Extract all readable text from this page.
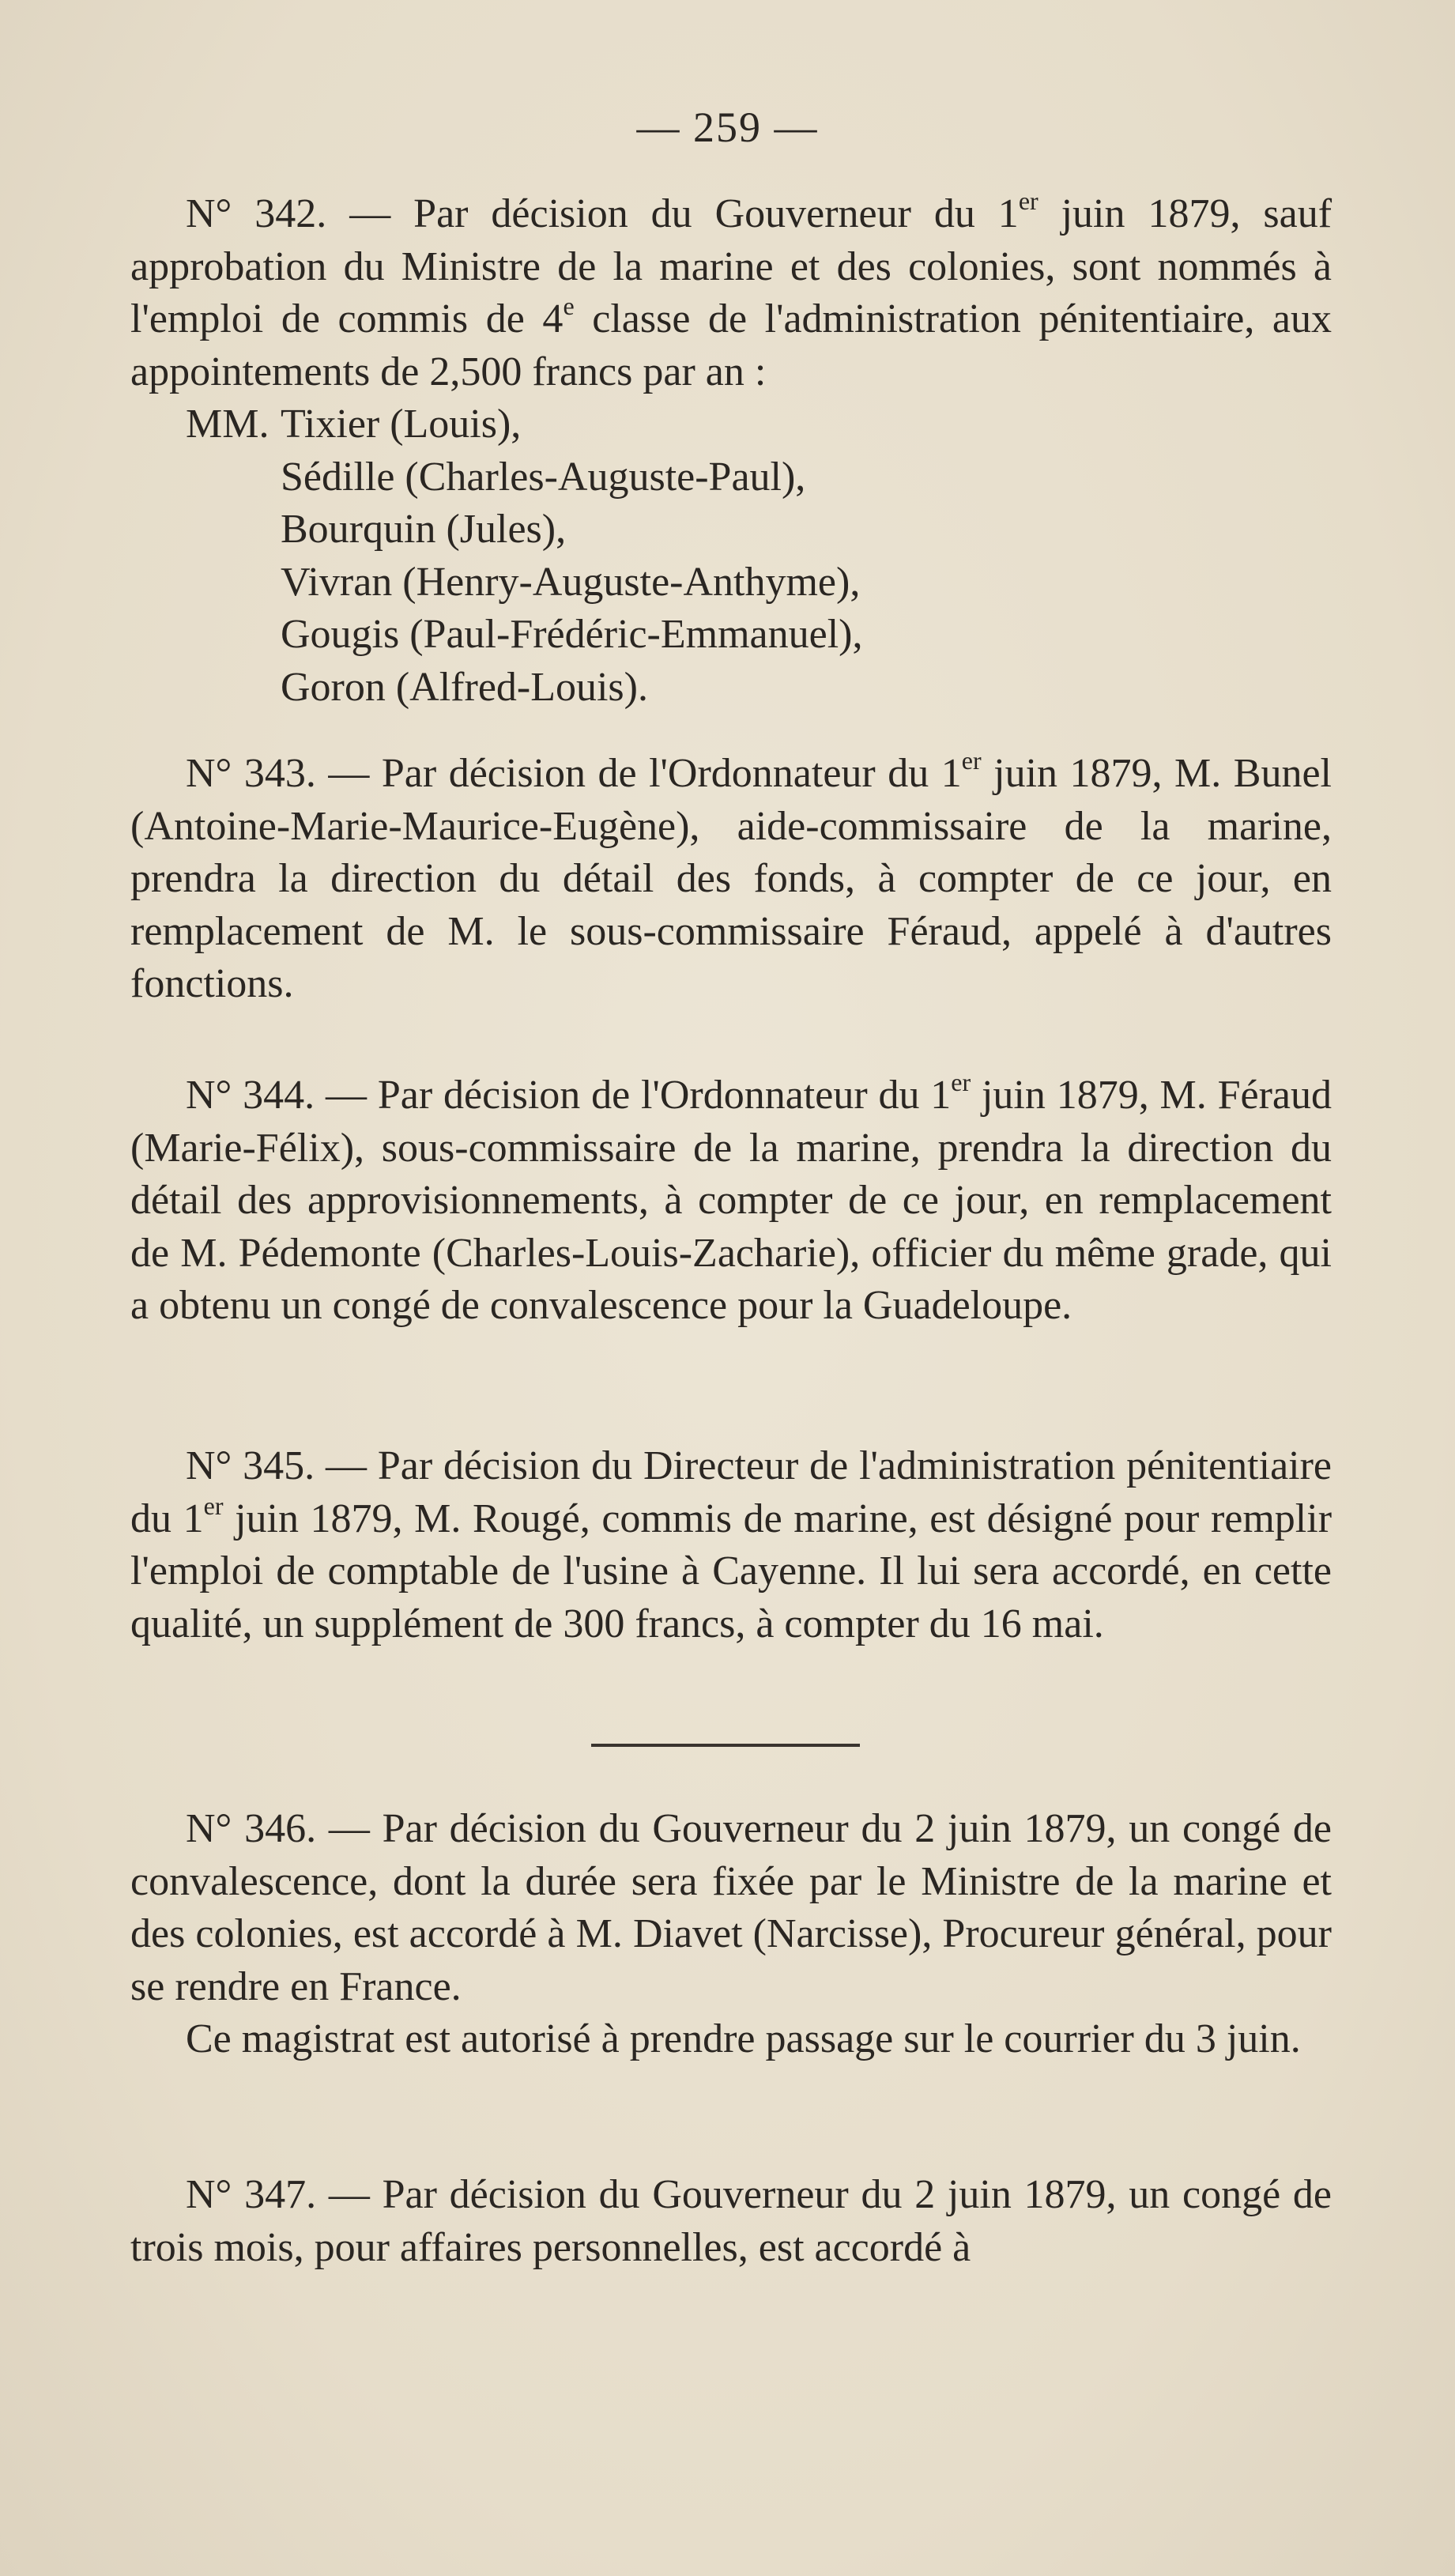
— 259 —

N° 342. — Par décision du Gouverneur du 1er juin 1879, sauf approbation du Ministre de la marine et des colonies, sont nommés à l'emploi de commis de 4e classe de l'administration pénitentiaire, aux appointements de 2,500 francs par an :

MM. Tixier (Louis),
Sédille (Charles-Auguste-Paul),
Bourquin (Jules),
Vivran (Henry-Auguste-Anthyme),
Gougis (Paul-Frédéric-Emmanuel),
Goron (Alfred-Louis).

N° 343. — Par décision de l'Ordonnateur du 1er juin 1879, M. Bunel (Antoine-Marie-Maurice-Eugène), aide-commissaire de la marine, prendra la direction du détail des fonds, à compter de ce jour, en remplacement de M. le sous-commissaire Féraud, appelé à d'autres fonctions.

N° 344. — Par décision de l'Ordonnateur du 1er juin 1879, M. Féraud (Marie-Félix), sous-commissaire de la marine, prendra la direction du détail des approvisionnements, à compter de ce jour, en remplacement de M. Pédemonte (Charles-Louis-Zacharie), officier du même grade, qui a obtenu un congé de convalescence pour la Guadeloupe.

N° 345. — Par décision du Directeur de l'administration pénitentiaire du 1er juin 1879, M. Rougé, commis de marine, est désigné pour remplir l'emploi de comptable de l'usine à Cayenne. Il lui sera accordé, en cette qualité, un supplément de 300 francs, à compter du 16 mai.

N° 346. — Par décision du Gouverneur du 2 juin 1879, un congé de convalescence, dont la durée sera fixée par le Ministre de la marine et des colonies, est accordé à M. Diavet (Narcisse), Procureur général, pour se rendre en France.

Ce magistrat est autorisé à prendre passage sur le courrier du 3 juin.

N° 347. — Par décision du Gouverneur du 2 juin 1879, un congé de trois mois, pour affaires personnelles, est accordé à
